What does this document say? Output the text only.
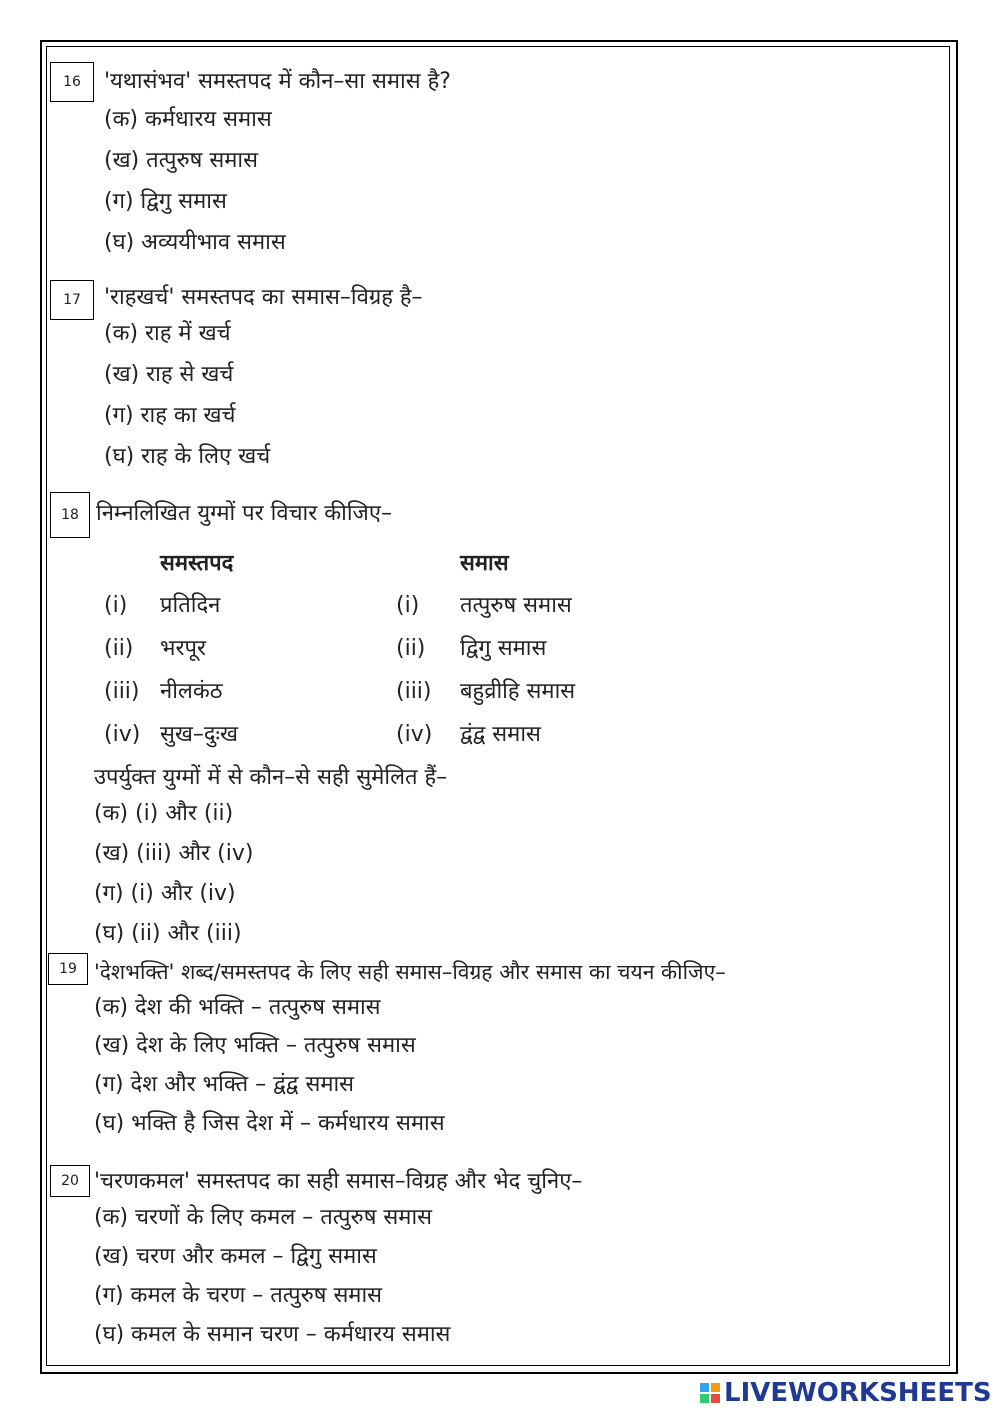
16	'यथासंभव' समस्तपद में कौन–सा समास है?
(क) कर्मधारय समास
(ख) तत्पुरुष समास
(ग) द्विगु समास
(घ) अव्ययीभाव समास
17	'राहखर्च' समस्तपद का समास–विग्रह है–
(क) राह में खर्च
(ख) राह से खर्च
(ग) राह का खर्च
(घ) राह के लिए खर्च
18 निम्नलिखित युग्मों पर विचार कीजिए–
समस्तपद	समास
(i) प्रतिदिन	(i) तत्पुरुष समास
(ii) भरपूर	(ii) द्विगु समास
(iii) नीलकंठ	(iii) बहुव्रीहि समास
(iv) सुख–दुःख	(iv) द्वंद्व समास
उपर्युक्त युग्मों में से कौन–से सही सुमेलित हैं–
(क) (i) और (ii)
(ख) (iii) और (iv)
(ग) (i) और (iv)
(घ) (ii) और (iii)
19 'देशभक्ति' शब्द/समस्तपद के लिए सही समास–विग्रह और समास का चयन कीजिए–
(क) देश की भक्ति – तत्पुरुष समास
(ख) देश के लिए भक्ति – तत्पुरुष समास
(ग) देश और भक्ति – द्वंद्व समास
(घ) भक्ति है जिस देश में – कर्मधारय समास
20 'चरणकमल' समस्तपद का सही समास–विग्रह और भेद चुनिए–
(क) चरणों के लिए कमल – तत्पुरुष समास
(ख) चरण और कमल – द्विगु समास
(ग) कमल के चरण – तत्पुरुष समास
(घ) कमल के समान चरण – कर्मधारय समास
LIVEWORKSHEETS
